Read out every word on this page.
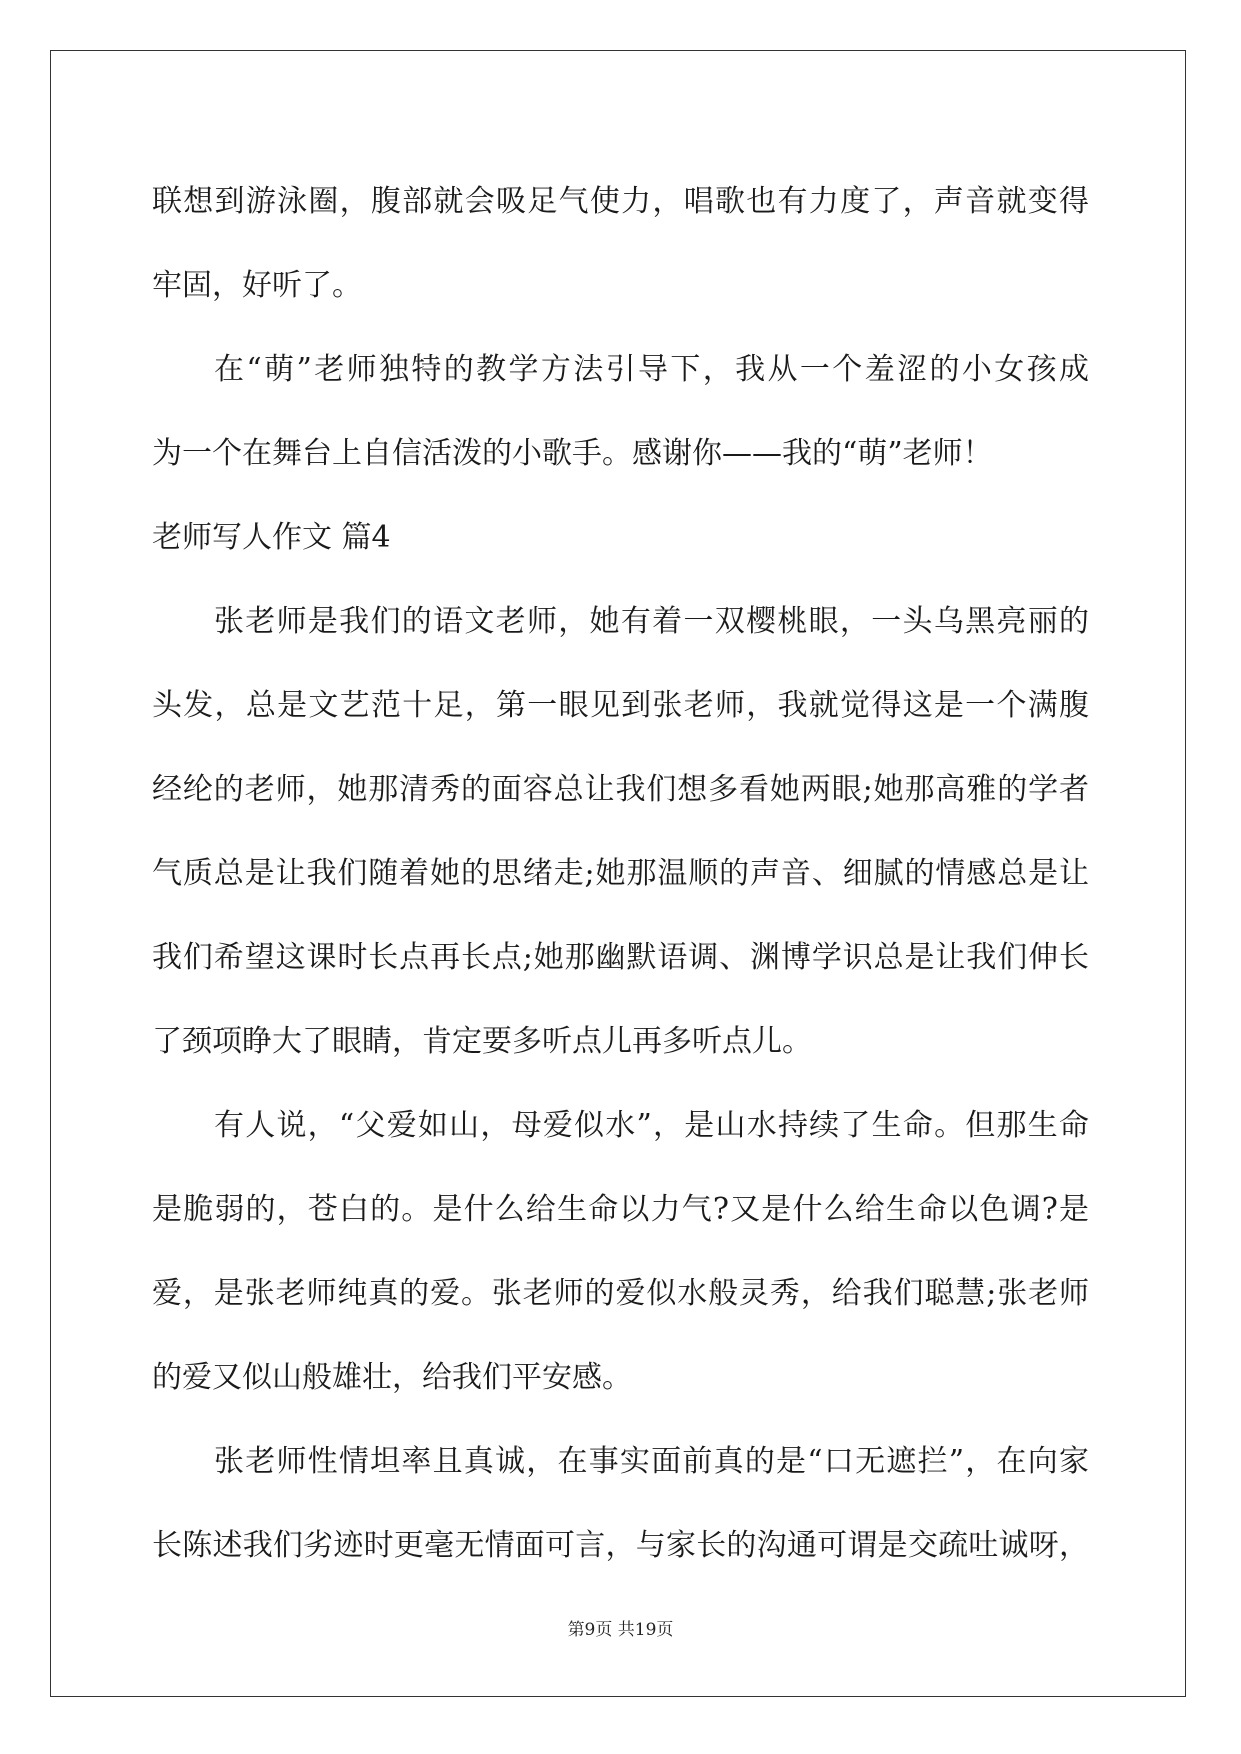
联想到游泳圈，腹部就会吸足气使力，唱歌也有力度了，声音就变得
牢固，好听了。
在“萌”老师独特的教学方法引导下，我从一个羞涩的小女孩成
为一个在舞台上自信活泼的小歌手。感谢你——我的“萌”老师！
老师写人作文 篇4
张老师是我们的语文老师，她有着一双樱桃眼，一头乌黑亮丽的
头发，总是文艺范十足，第一眼见到张老师，我就觉得这是一个满腹
经纶的老师，她那清秀的面容总让我们想多看她两眼;她那高雅的学者
气质总是让我们随着她的思绪走;她那温顺的声音、细腻的情感总是让
我们希望这课时长点再长点;她那幽默语调、渊博学识总是让我们伸长
了颈项睁大了眼睛，肯定要多听点儿再多听点儿。
有人说，“父爱如山，母爱似水”，是山水持续了生命。但那生命
是脆弱的，苍白的。是什么给生命以力气?又是什么给生命以色调?是
爱，是张老师纯真的爱。张老师的爱似水般灵秀，给我们聪慧;张老师
的爱又似山般雄壮，给我们平安感。
张老师性情坦率且真诚，在事实面前真的是“口无遮拦”，在向家
长陈述我们劣迹时更毫无情面可言，与家长的沟通可谓是交疏吐诚呀，
第9页 共19页
